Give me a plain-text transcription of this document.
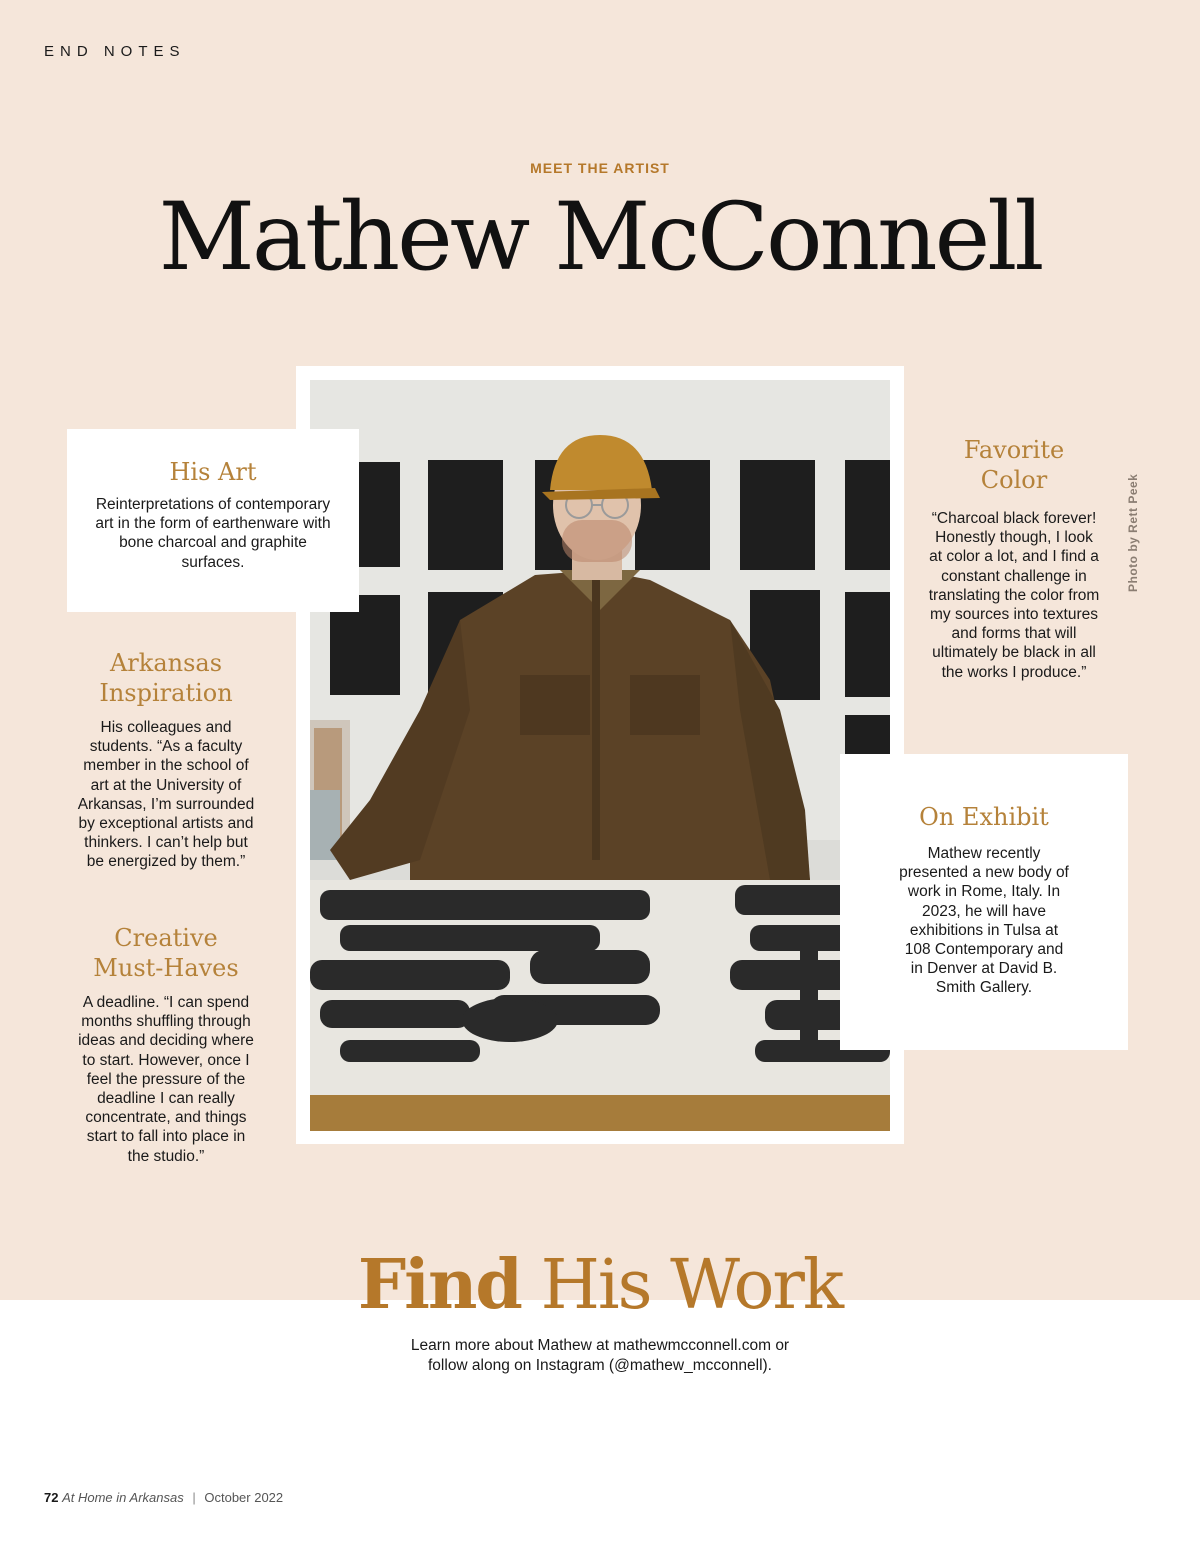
END NOTES
MEET THE ARTIST
Mathew McConnell

His Art

Reinterpretations of contemporary art in the form of earthenware with bone charcoal and graphite surfaces.

Arkansas

Inspiration

His colleagues and students. “As a faculty member in the school of art at the University of Arkansas, I’m surrounded by exceptional artists and thinkers. I can’t help but be energized by them.”

Creative

Must-Haves

A deadline. “I can spend months shuffling through ideas and deciding where to start. However, once I feel the pressure of the deadline I can really concentrate, and things start to fall into place in the studio.”

Favorite

Color

“Charcoal black forever! Honestly though, I look at color a lot, and I find a constant challenge in translating the color from my sources into textures and forms that will ultimately be black in all the works I produce.”

Photo by Rett Peek

On Exhibit

Mathew recently presented a new body of work in Rome, Italy. In 2023, he will have exhibitions in Tulsa at 108 Contemporary and in Denver at David B. Smith Gallery.

Find His Work
Learn more about Mathew at mathewmcconnell.com or
follow along on Instagram (@mathew_mcconnell).
72 At Home in Arkansas | October 2022
